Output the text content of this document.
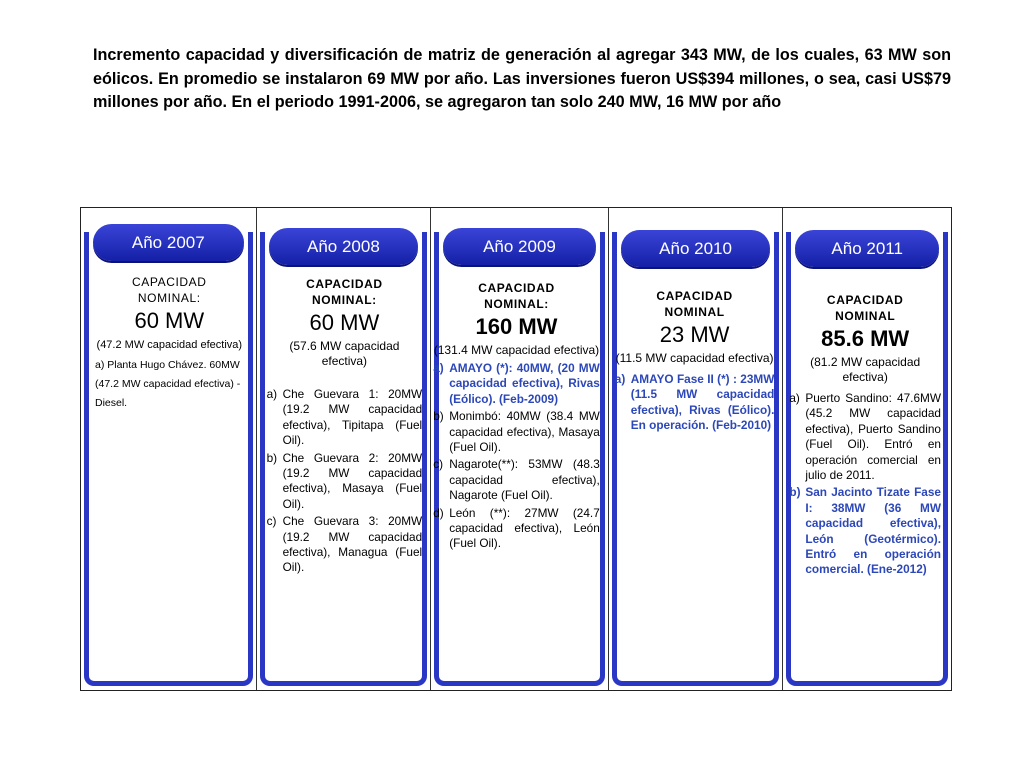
Incremento capacidad y diversificación de matriz de generación al agregar 343 MW, de los cuales, 63 MW son eólicos. En promedio se instalaron 69 MW por año. Las inversiones fueron US$394 millones, o sea, casi US$79 millones por año. En el periodo 1991-2006, se agregaron tan solo 240 MW, 16 MW por año

Año 2007
CAPACIDAD
NOMINAL:
60 MW
(47.2 MW capacidad efectiva)
a) Planta Hugo Chávez. 60MW (47.2 MW capacidad efectiva) - Diesel.
Año 2008
CAPACIDAD
NOMINAL:
60 MW
(57.6 MW capacidad efectiva)
a) Che Guevara 1: 20MW (19.2 MW capacidad efectiva), Tipitapa (Fuel Oil).
b) Che Guevara 2: 20MW (19.2 MW capacidad efectiva), Masaya (Fuel Oil).
c) Che Guevara 3: 20MW (19.2 MW capacidad efectiva), Managua (Fuel Oil).
Año 2009
CAPACIDAD
NOMINAL:
160 MW
(131.4 MW capacidad efectiva)
a) AMAYO (*): 40MW, (20 MW capacidad efectiva), Rivas (Eólico). (Feb-2009)
b) Monimbó: 40MW (38.4 MW capacidad efectiva), Masaya (Fuel Oil).
c) Nagarote(**): 53MW (48.3 capacidad efectiva), Nagarote (Fuel Oil).
d) León (**): 27MW (24.7 capacidad efectiva), León (Fuel Oil).
Año 2010
CAPACIDAD
NOMINAL
23 MW
(11.5 MW capacidad efectiva)
a) AMAYO Fase II (*) : 23MW (11.5 MW capacidad efectiva), Rivas (Eólico). En operación. (Feb-2010)
Año 2011
CAPACIDAD
NOMINAL
85.6 MW
(81.2 MW capacidad efectiva)
a) Puerto Sandino: 47.6MW (45.2 MW capacidad efectiva), Puerto Sandino (Fuel Oil). Entró en operación comercial en julio de 2011.
b) San Jacinto Tizate Fase I: 38MW (36 MW capacidad efectiva), León (Geotérmico). Entró en operación comercial. (Ene-2012)
